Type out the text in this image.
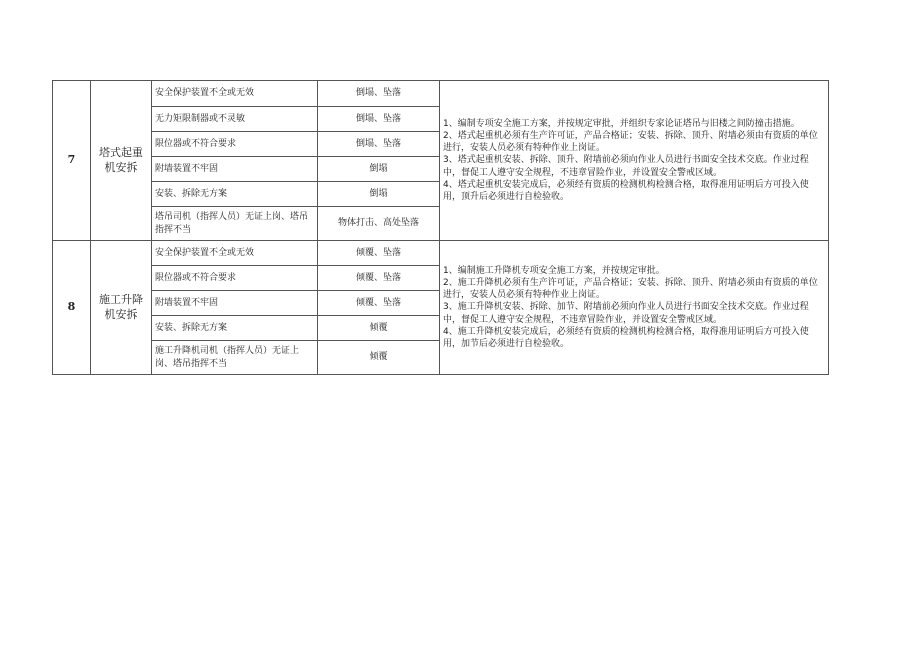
7	塔式起重机安拆	安全保护装置不全或无效	倒塌、坠落	1、编制专项安全施工方案，并按规定审批，并组织专家论证塔吊与旧楼之间防撞击措施。
2、塔式起重机必须有生产许可证，产品合格证；安装、拆除、顶升、附墙必须由有资质的单位进行，安装人员必须有特种作业上岗证。
3、塔式起重机安装、拆除、顶升、附墙前必须向作业人员进行书面安全技术交底。作业过程中，督促工人遵守安全规程，不违章冒险作业，并设置安全警戒区域。
4、塔式起重机安装完成后，必须经有资质的检测机构检测合格，取得准用证明后方可投入使用，顶升后必须进行自检验收。

		无力矩限制器或不灵敏	倒塌、坠落	
		限位器或不符合要求	倒塌、坠落	
		附墙装置不牢固	倒塌	
		安装、拆除无方案	倒塌	
		塔吊司机（指挥人员）无证上岗、塔吊指挥不当	物体打击、高处坠落	
8	施工升降机安拆	安全保护装置不全或无效	倾覆、坠落	1、编制施工升降机专项安全施工方案，并按规定审批。
2、施工升降机必须有生产许可证，产品合格证；安装、拆除、顶升、附墙必须由有资质的单位进行，安装人员必须有特种作业上岗证。
3、施工升降机安装、拆除、加节、附墙前必须向作业人员进行书面安全技术交底。作业过程中，督促工人遵守安全规程，不违章冒险作业，并设置安全警戒区域。
4、施工升降机安装完成后，必须经有资质的检测机构检测合格，取得准用证明后方可投入使用，加节后必须进行自检验收。

		限位器或不符合要求	倾覆、坠落	
		附墙装置不牢固	倾覆、坠落	
		安装、拆除无方案	倾覆	
		施工升降机司机（指挥人员）无证上岗、塔吊指挥不当	倾覆	
